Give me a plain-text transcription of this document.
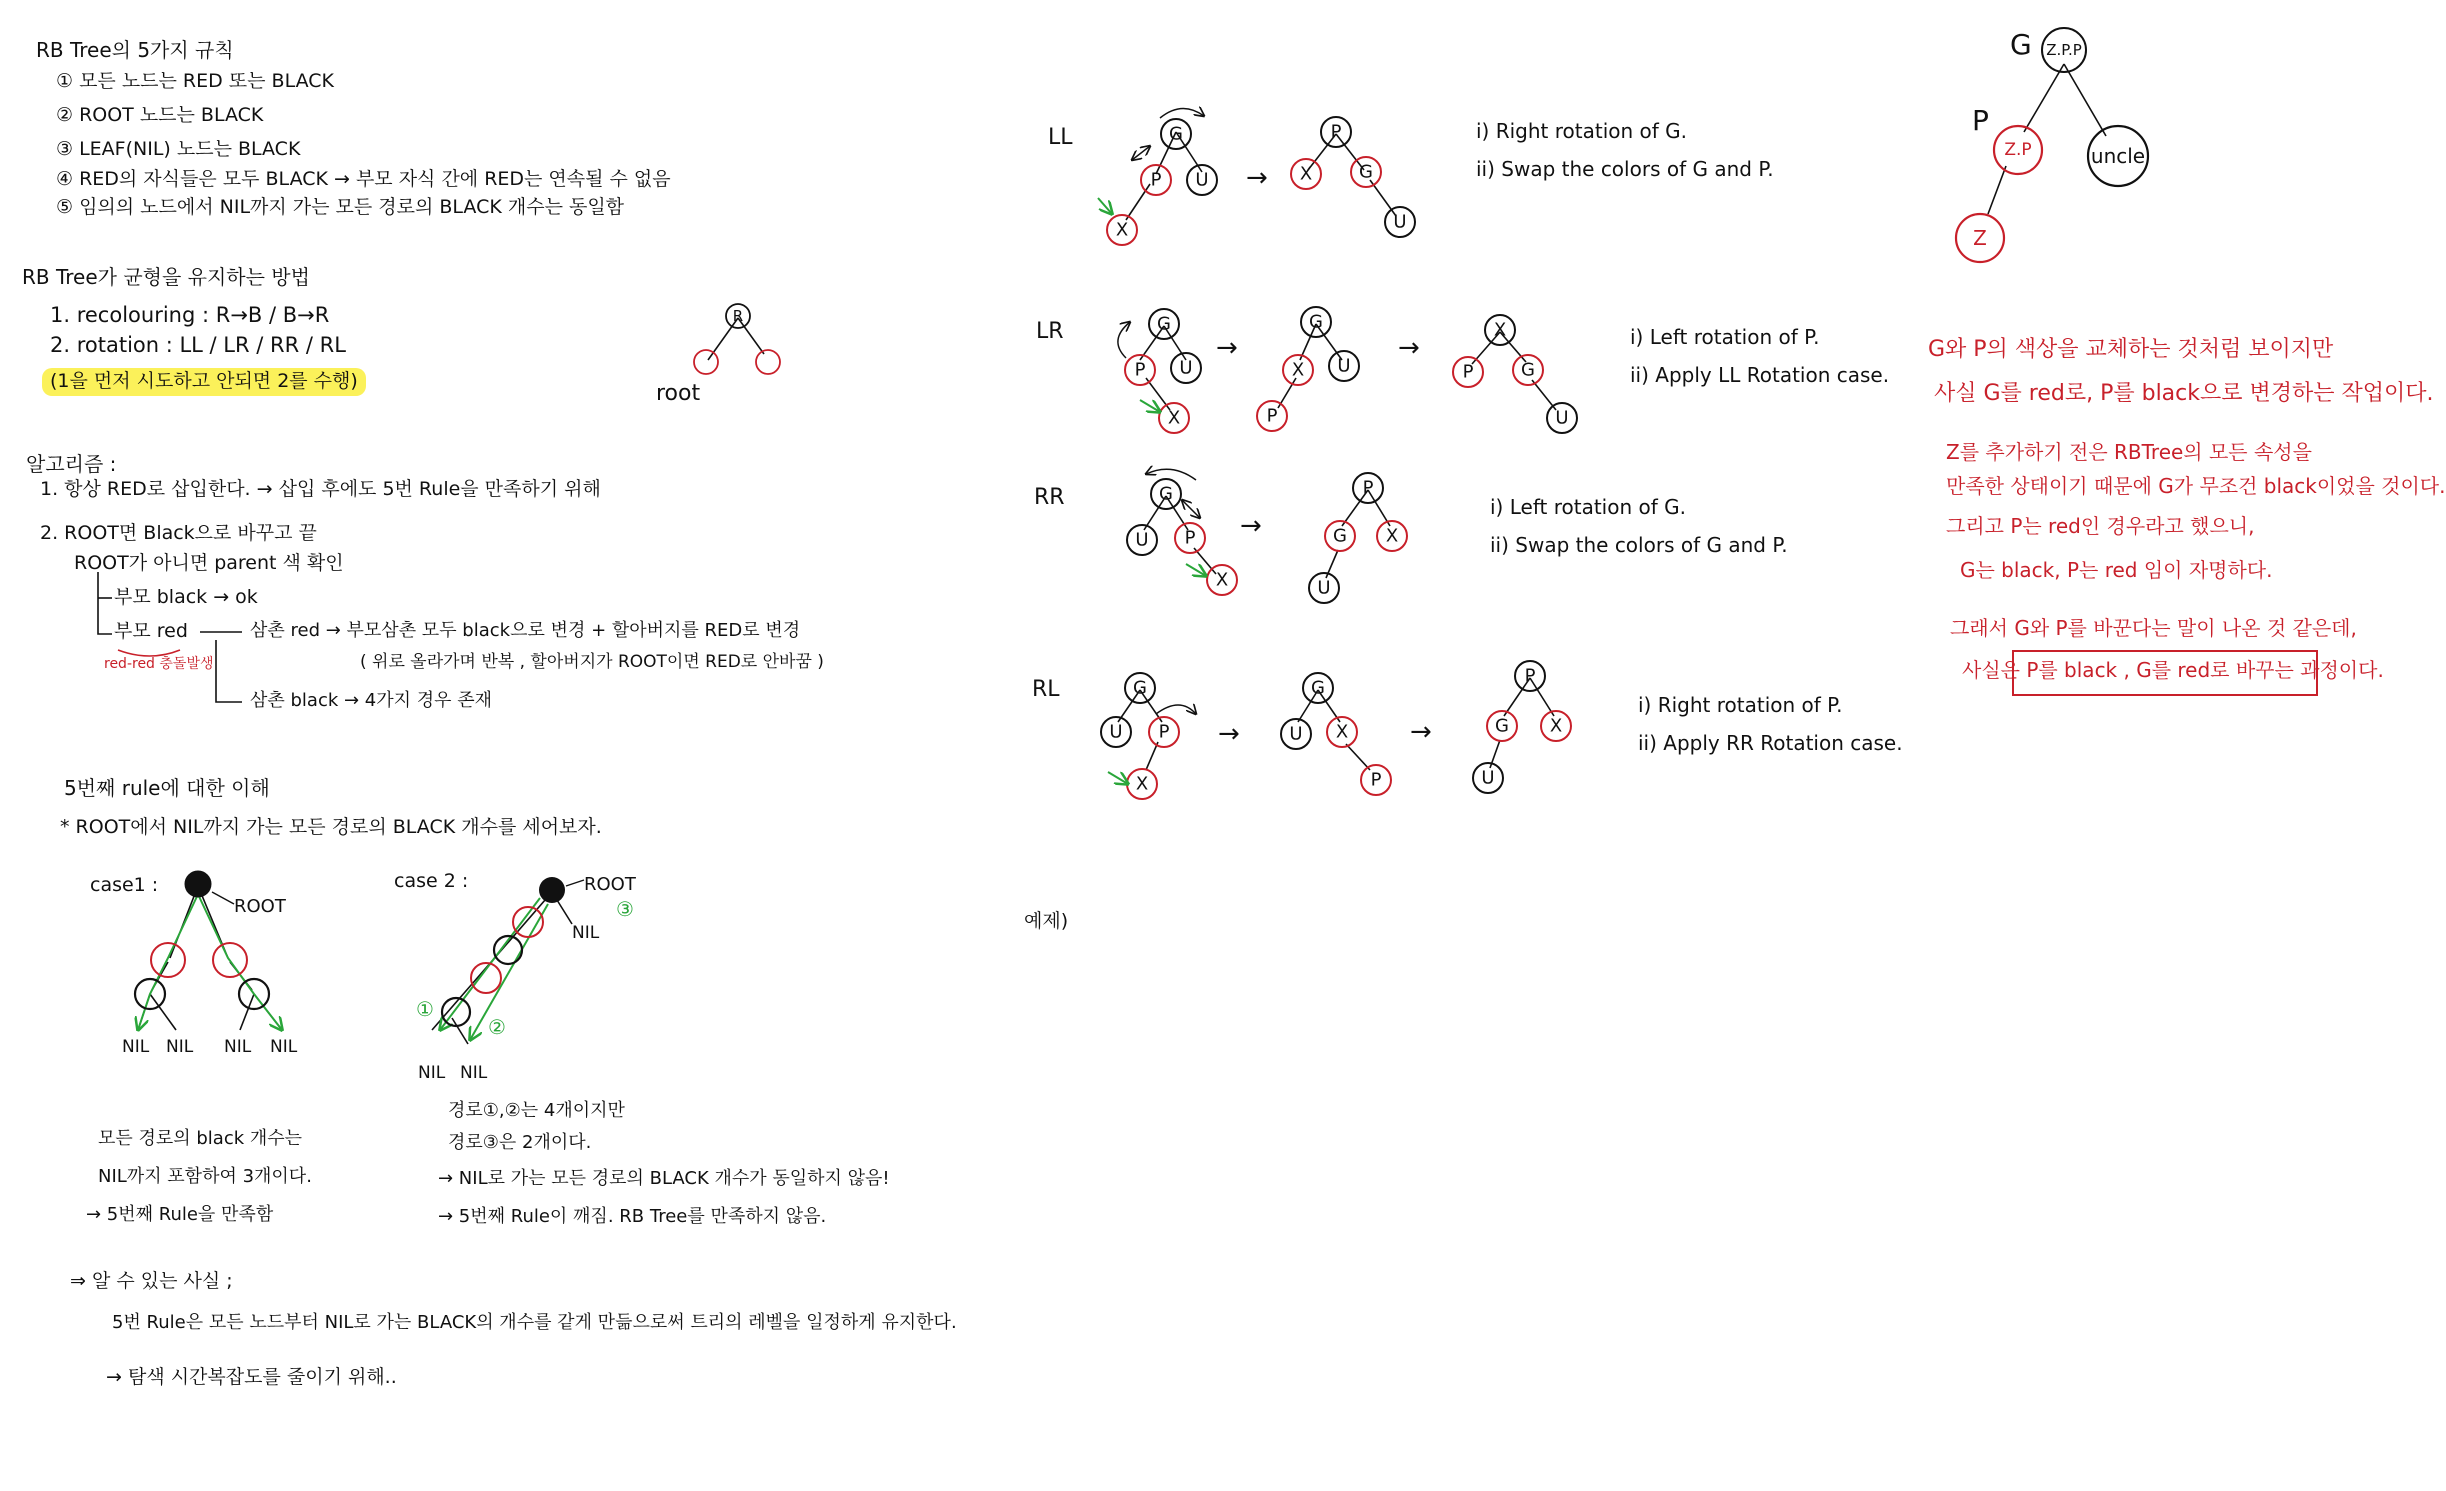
RB Tree의 5가지 규칙
① 모든 노드는 RED 또는 BLACK
② ROOT 노드는 BLACK
③ LEAF(NIL) 노드는 BLACK
④ RED의 자식들은 모두 BLACK → 부모 자식 간에 RED는 연속될 수 없음
⑤ 임의의 노드에서 NIL까지 가는 모든 경로의 BLACK 개수는 동일함
RB Tree가 균형을 유지하는 방법
1. recolouring : R→B / B→R
2. rotation : LL / LR / RR / RL
(1을 먼저 시도하고 안되면 2를 수행)
알고리즘 :
1. 항상 RED로 삽입한다. → 삽입 후에도 5번 Rule을 만족하기 위해
2. ROOT면 Black으로 바꾸고 끝
ROOT가 아니면 parent 색 확인
부모 black → ok
부모 red
red-red 충돌발생
삼촌 red → 부모삼촌 모두 black으로 변경 + 할아버지를 RED로 변경
( 위로 올라가며 반복 , 할아버지가 ROOT이면 RED로 안바꿈 )
삼촌 black → 4가지 경우 존재
5번째 rule에 대한 이해
* ROOT에서 NIL까지 가는 모든 경로의 BLACK 개수를 세어보자.
case1 :	case 2 :
모든 경로의 black 개수는
NIL까지 포함하여 3개이다.
→ 5번째 Rule을 만족함
경로①,②는 4개이지만
경로③은 2개이다.
→ NIL로 가는 모든 경로의 BLACK 개수가 동일하지 않음!
→ 5번째 Rule이 깨짐. RB Tree를 만족하지 않음.
⇒ 알 수 있는 사실 ;
5번 Rule은 모든 노드부터 NIL로 가는 BLACK의 개수를 같게 만듦으로써 트리의 레벨을 일정하게 유지한다.
→ 탐색 시간복잡도를 줄이기 위해..
예제)
i) Right rotation of G.
ii) Swap the colors of G and P.
i) Left rotation of P.
ii) Apply LL Rotation case.
i) Left rotation of G.
ii) Swap the colors of G and P.
i) Right rotation of P.
ii) Apply RR Rotation case.
G와 P의 색상을 교체하는 것처럼 보이지만
사실 G를 red로, P를 black으로 변경하는 작업이다.
Z를 추가하기 전은 RBTree의 모든 속성을
만족한 상태이기 때문에 G가 무조건 black이었을 것이다.
그리고 P는 red인 경우라고 했으니,
G는 black, P는 red 임이 자명하다.
그래서 G와 P를 바꾼다는 말이 나온 것 같은데,
사실은 P를 black , G를 red로 바꾸는 과정이다.
R
root
ROOT
NIL NIL NIL NIL
ROOT
NIL
NIL NIL
①
②
③
LL	G
P U
X
→
P
X	G
U
LR	G
P U
X
→
G
X U
P
→
X
P	G
U
RR	G
U P
X
→
P
G X
U
RL	G
U P
X
→
G
U X
P
→
P
G X
U
Z.P.P
G
Z.P
P
uncle
Z
